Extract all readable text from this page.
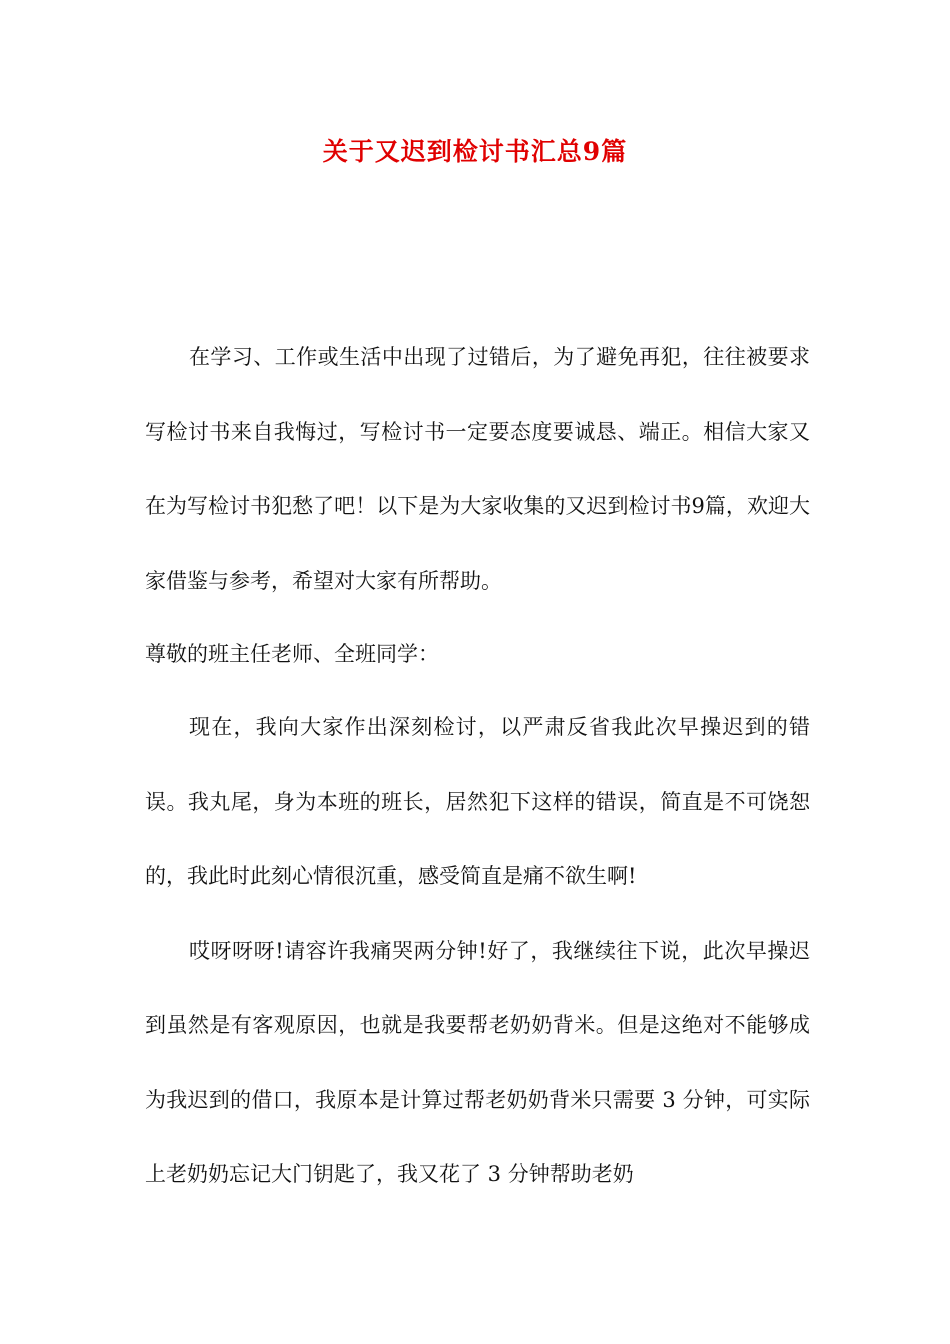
关于又迟到检讨书汇总9篇

在学习、工作或生活中出现了过错后，为了避免再犯，往往被要求写检讨书来自我悔过，写检讨书一定要态度要诚恳、端正。相信大家又在为写检讨书犯愁了吧！以下是为大家收集的又迟到检讨书9篇，欢迎大家借鉴与参考，希望对大家有所帮助。

尊敬的班主任老师、全班同学：

现在，我向大家作出深刻检讨，以严肃反省我此次早操迟到的错误。我丸尾，身为本班的班长，居然犯下这样的错误，简直是不可饶恕的，我此时此刻心情很沉重，感受简直是痛不欲生啊!

哎呀呀呀!请容许我痛哭两分钟!好了，我继续往下说，此次早操迟到虽然是有客观原因，也就是我要帮老奶奶背米。但是这绝对不能够成为我迟到的借口，我原本是计算过帮老奶奶背米只需要 3 分钟，可实际上老奶奶忘记大门钥匙了，我又花了 3 分钟帮助老奶
